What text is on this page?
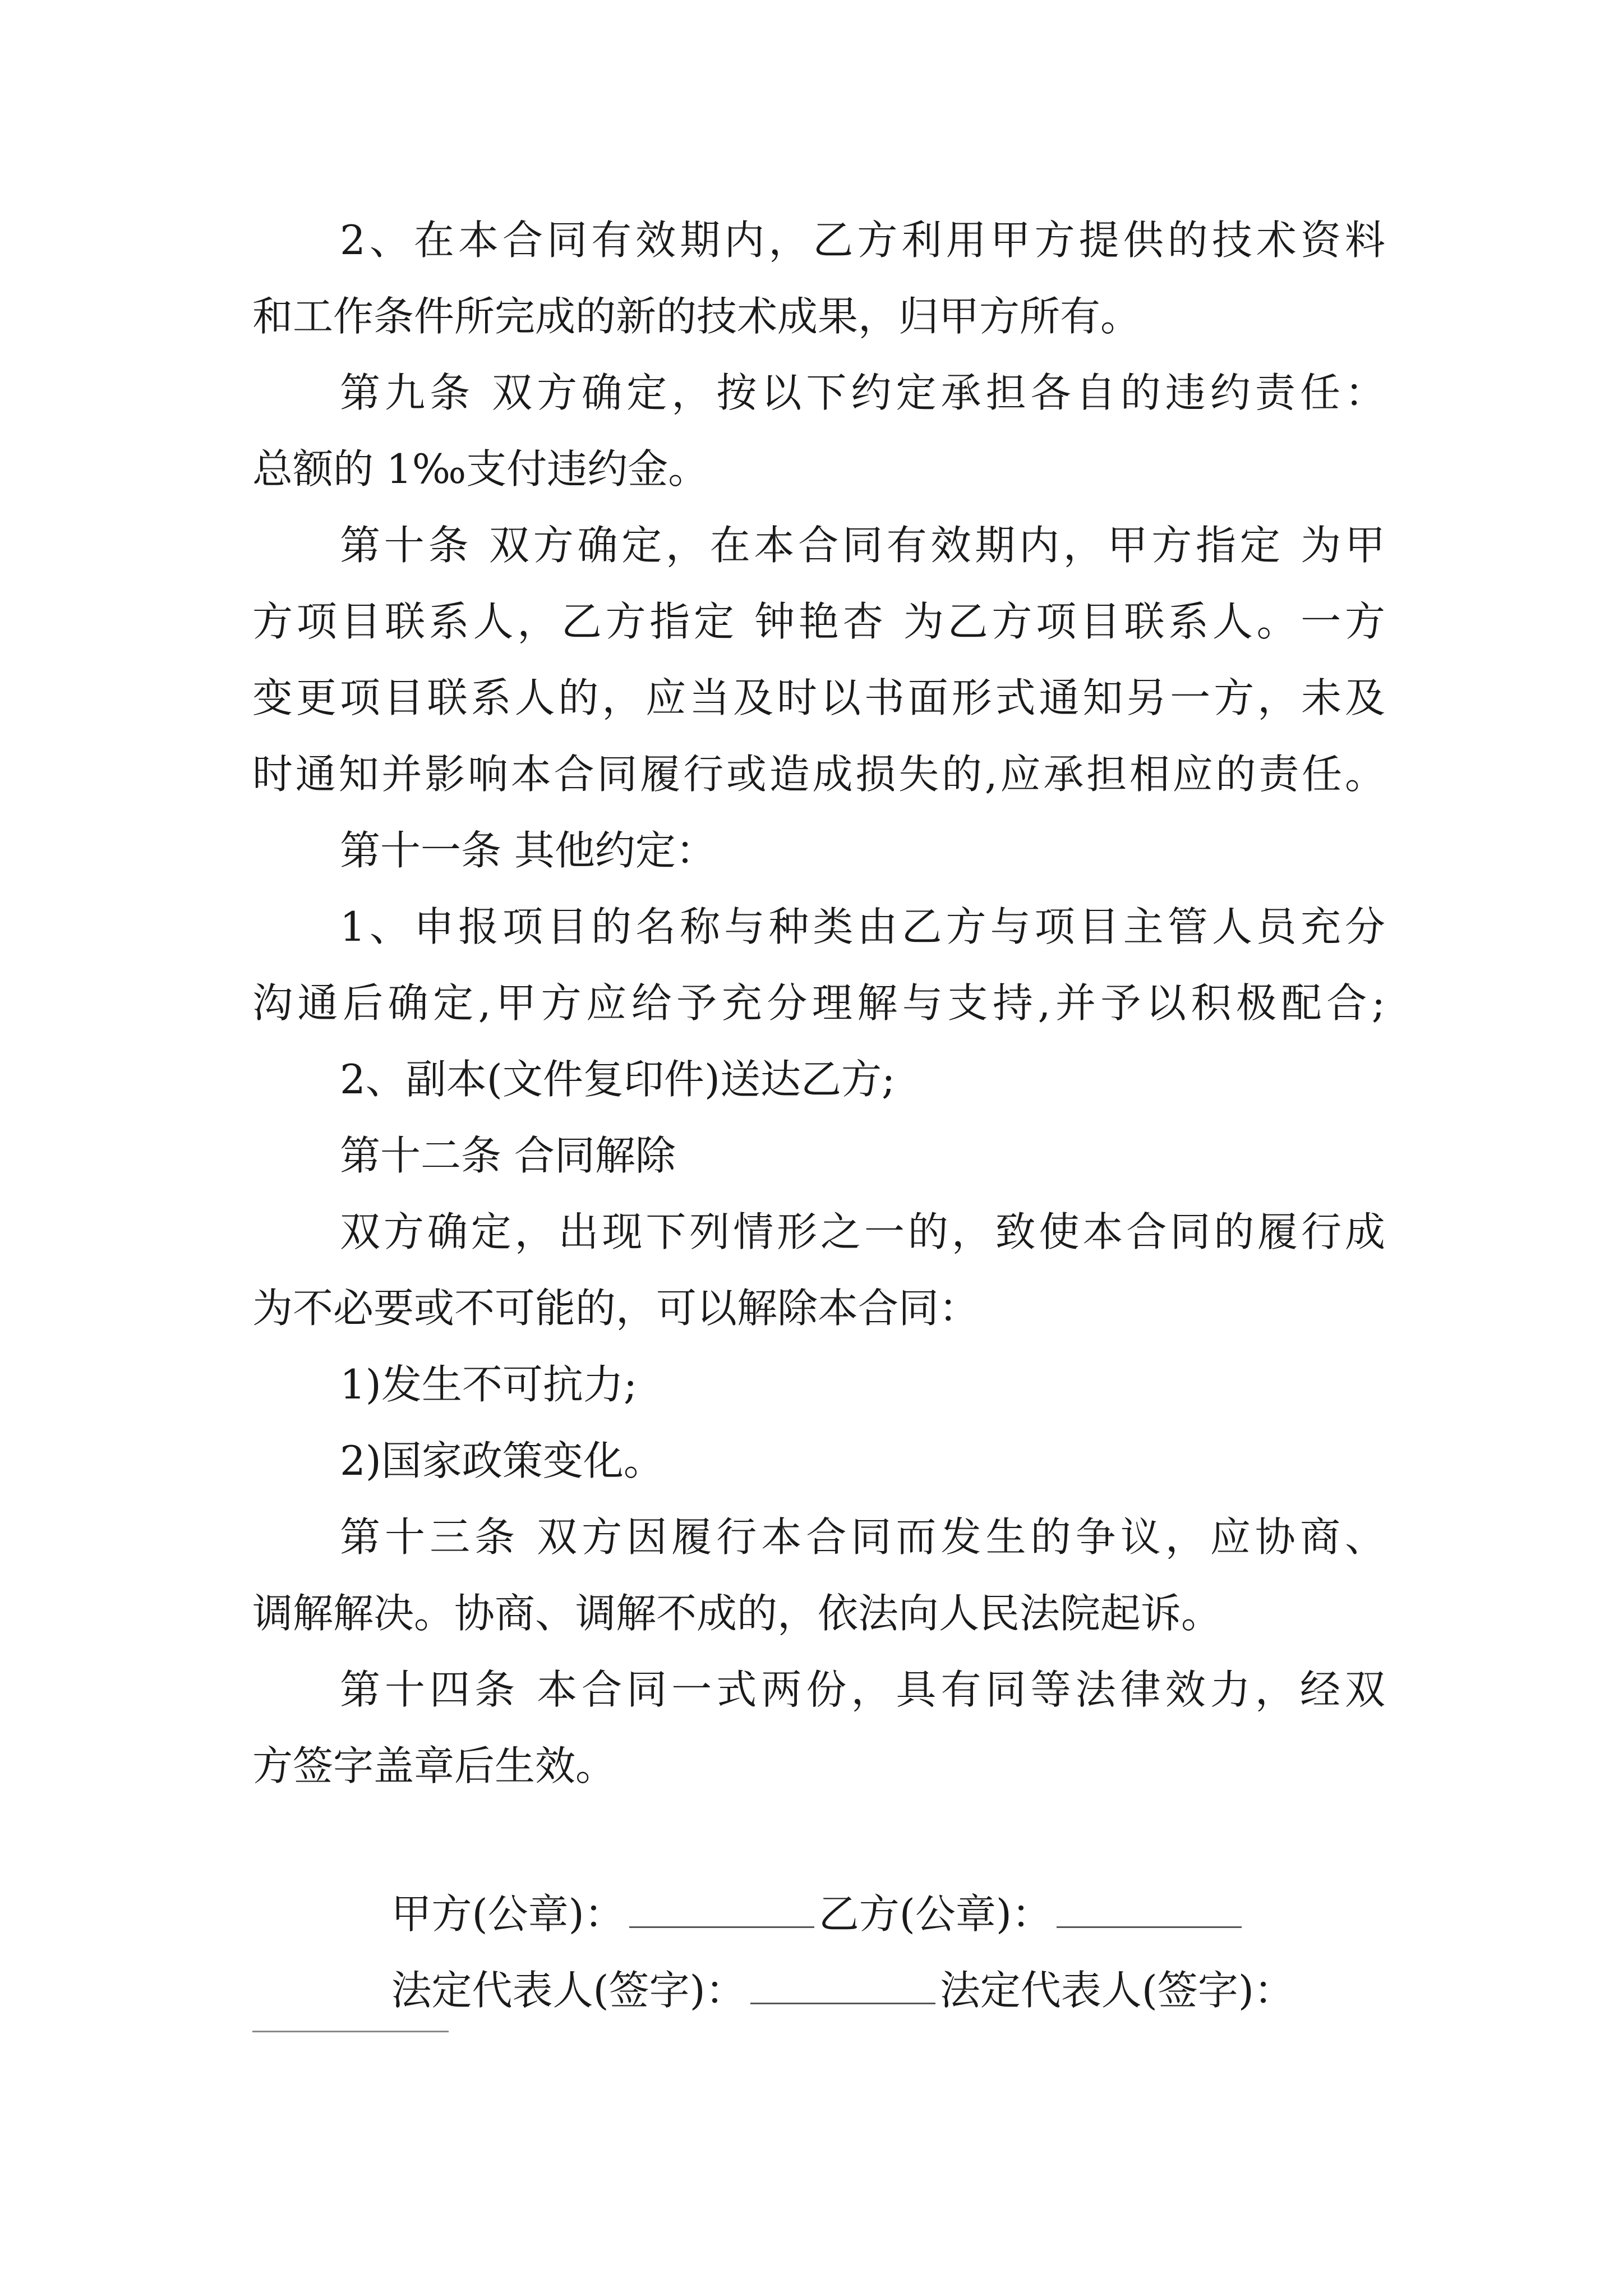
2、在本合同有效期内，乙方利用甲方提供的技术资料
和工作条件所完成的新的技术成果，归甲方所有。
第九条 双方确定，按以下约定承担各自的违约责任：
总额的 1‰支付违约金。
第十条 双方确定，在本合同有效期内，甲方指定 为甲
方项目联系人，乙方指定 钟艳杏 为乙方项目联系人。一方
变更项目联系人的，应当及时以书面形式通知另一方，未及
时通知并影响本合同履行或造成损失的,应承担相应的责任。
第十一条 其他约定：
1、申报项目的名称与种类由乙方与项目主管人员充分
沟通后确定,甲方应给予充分理解与支持,并予以积极配合;
2、副本(文件复印件)送达乙方;
第十二条 合同解除
双方确定，出现下列情形之一的，致使本合同的履行成
为不必要或不可能的，可以解除本合同：
1)发生不可抗力;
2)国家政策变化。
第十三条 双方因履行本合同而发生的争议，应协商、
调解解决。协商、调解不成的，依法向人民法院起诉。
第十四条 本合同一式两份，具有同等法律效力，经双
方签字盖章后生效。

甲方(公章)：	乙方(公章)：

法定代表人(签字)：	法定代表人(签字)：
